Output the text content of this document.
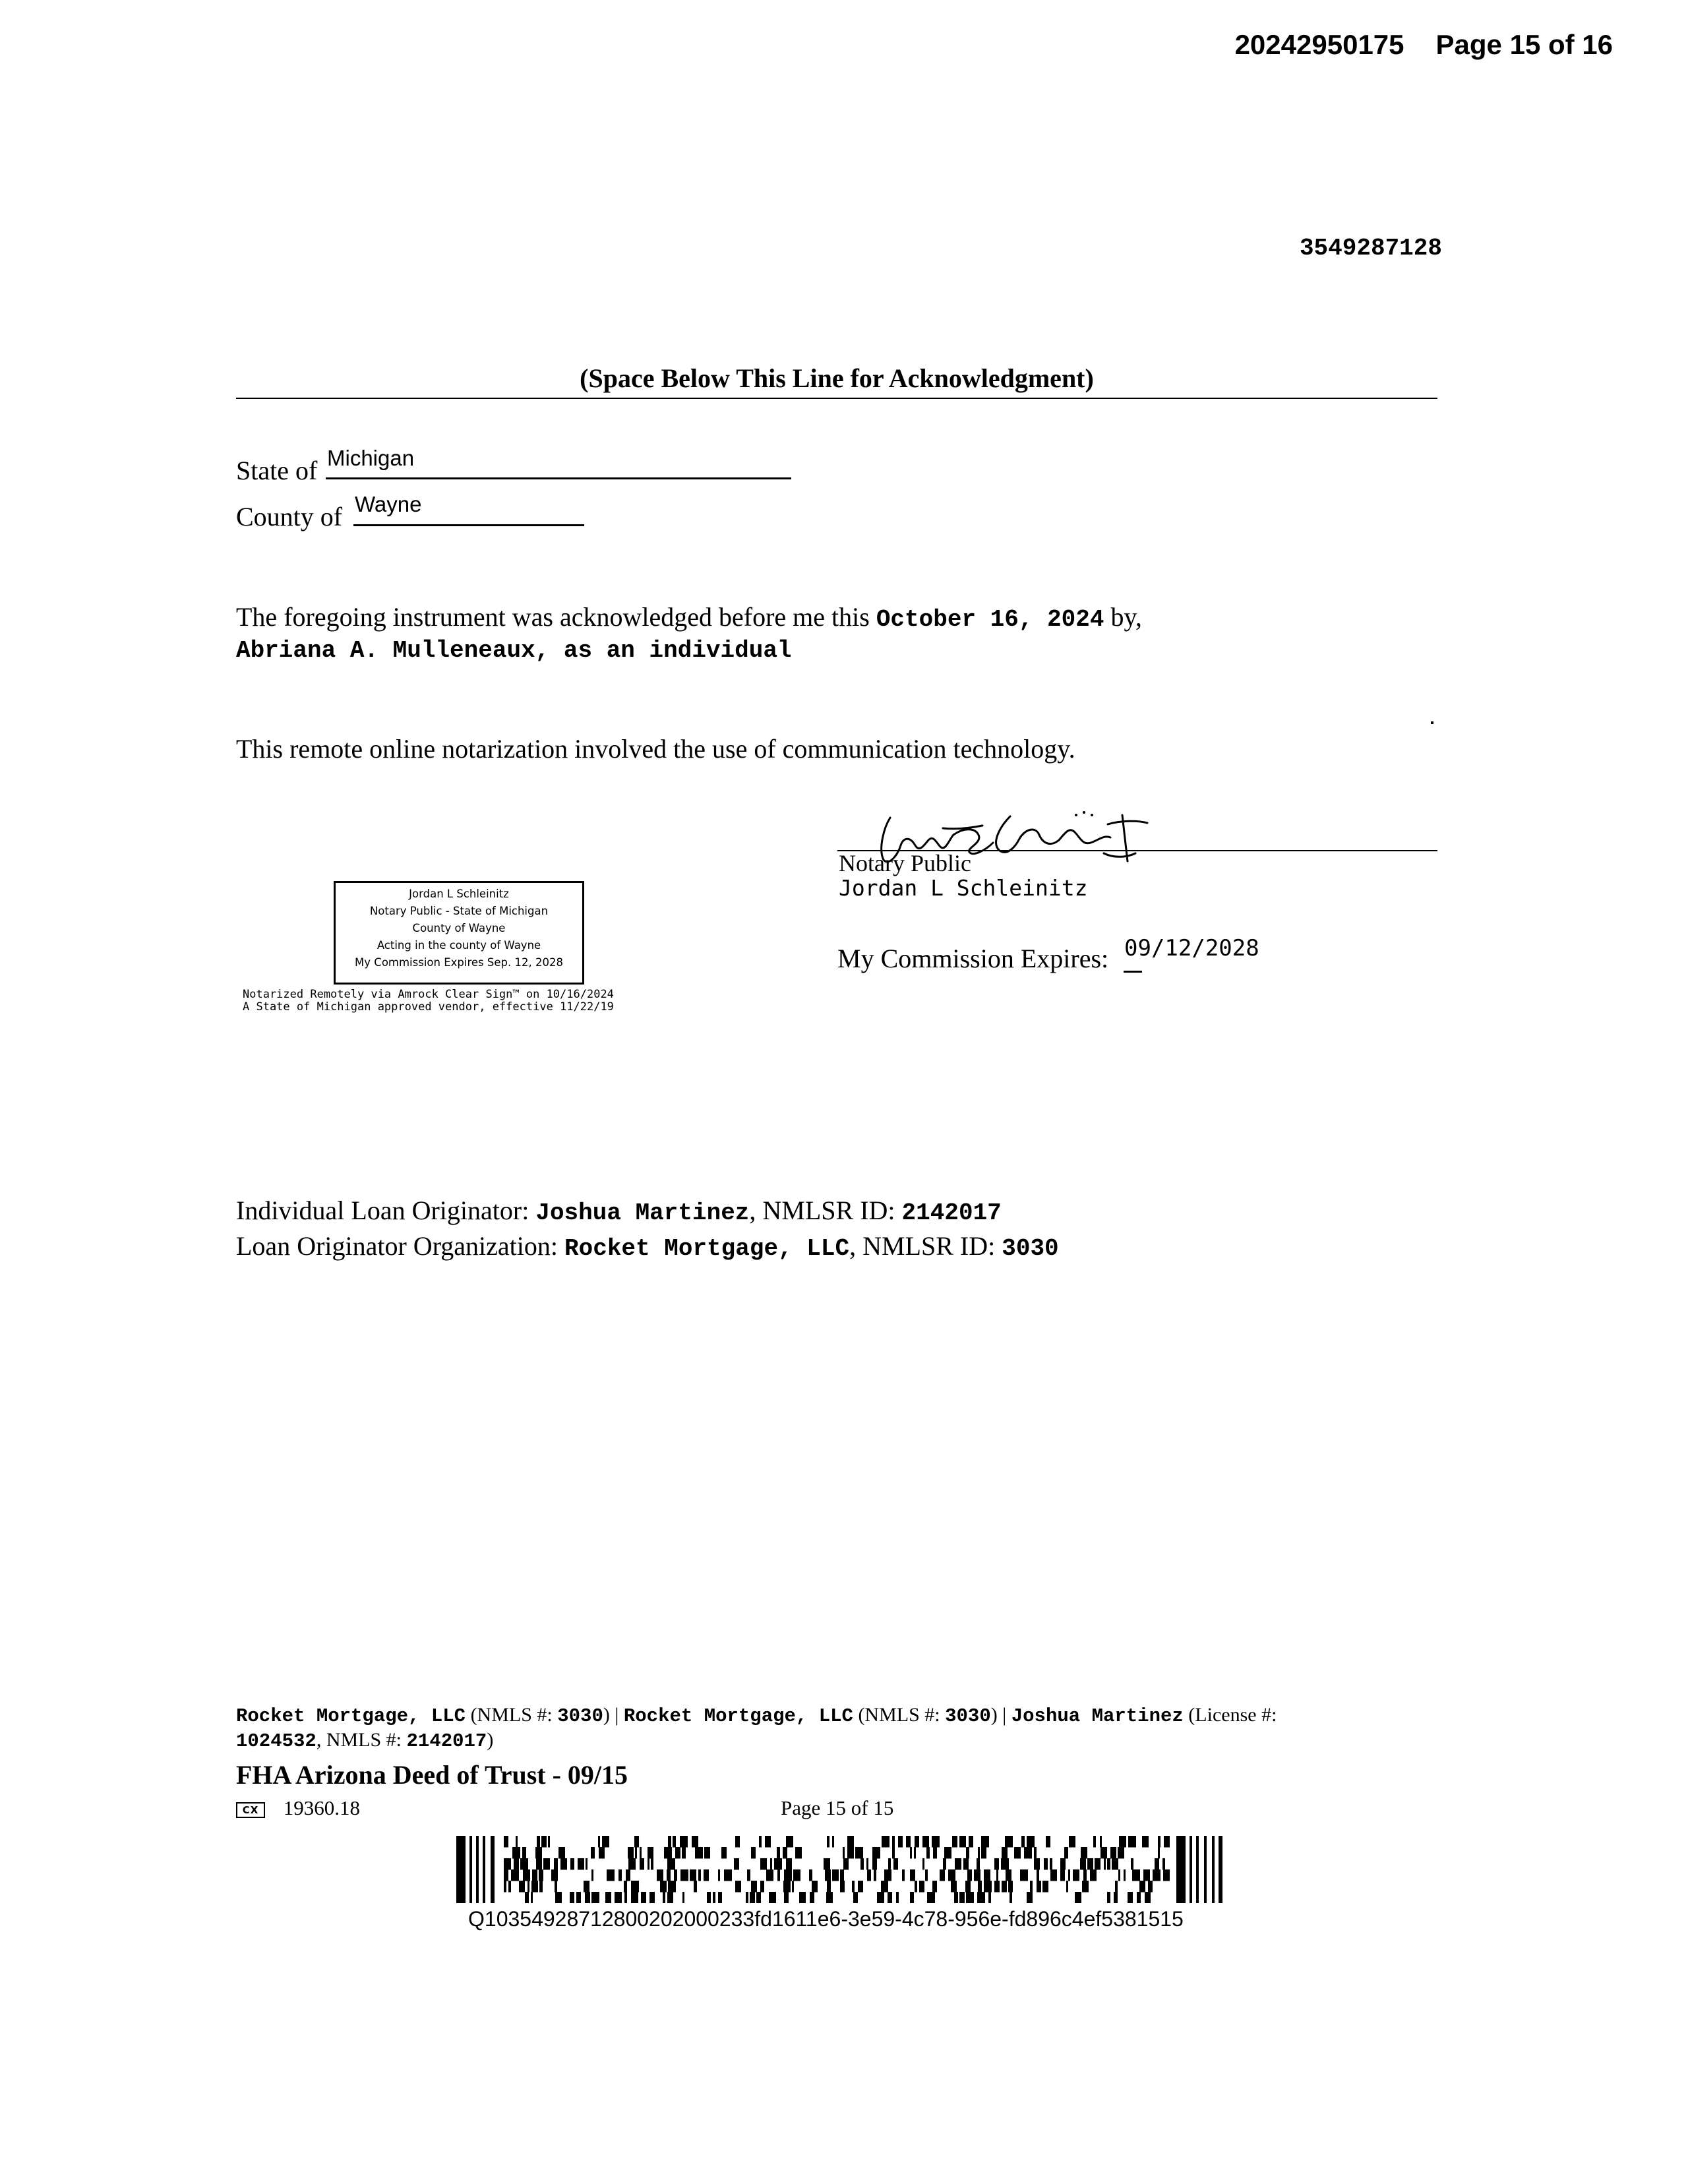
20242950175 Page 15 of 16
3549287128
(Space Below This Line for Acknowledgment)
State of Michigan
County of Wayne
The foregoing instrument was acknowledged before me this October 16, 2024 by,
Abriana A. Mulleneaux, as an individual
This remote online notarization involved the use of communication technology.
Notary Public
Jordan L Schleinitz
My Commission Expires: 09/12/2028
Jordan L Schleinitz
Notary Public - State of Michigan
County of Wayne
Acting in the county of Wayne
My Commission Expires Sep. 12, 2028
Notarized Remotely via Amrock Clear Sign™ on 10/16/2024
A State of Michigan approved vendor, effective 11/22/19
Individual Loan Originator: Joshua Martinez, NMLSR ID: 2142017
Loan Originator Organization: Rocket Mortgage, LLC, NMLSR ID: 3030
Rocket Mortgage, LLC (NMLS #: 3030) | Rocket Mortgage, LLC (NMLS #: 3030) | Joshua Martinez (License #:
1024532, NMLS #: 2142017)
FHA Arizona Deed of Trust - 09/15
CX 19360.18	Page 15 of 15
Q10354928712800202000233fd1611e6-3e59-4c78-956e-fd896c4ef5381515
